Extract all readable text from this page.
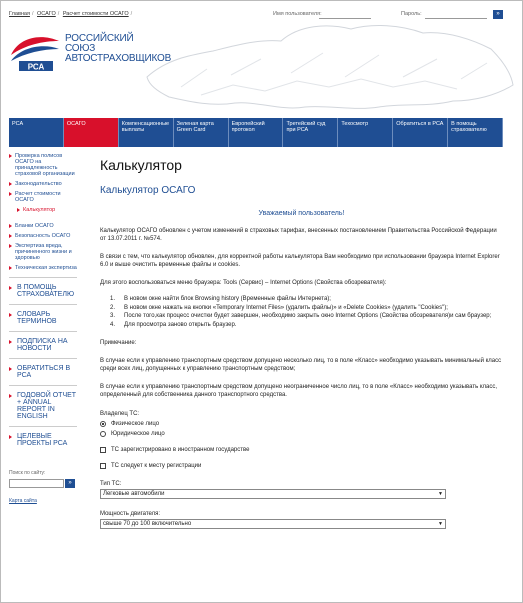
Главная / ОСАГО / Расчет стоимости ОСАГО /	Имя пользователя:	Пароль:	»
РСА
РОССИЙСКИЙ
СОЮЗ
АВТОСТРАХОВЩИКОВ
РСА	ОСАГО	Компенсационные выплаты
Зеленая карта Green Card
Европейский протокол
Третейский суд при РСА
Техосмотр	Обратиться в РСА	В помощь страхователю
Проверка полисов ОСАГО на принадлежность страховой организации
Законодательство
Расчет стоимости ОСАГО
Калькулятор
Бланки ОСАГО
Безопасность ОСАГО
Экспертиза вреда, причиненного жизни и здоровью
Техническая экспертиза
В ПОМОЩЬ СТРАХОВАТЕЛЮ
СЛОВАРЬ ТЕРМИНОВ
ПОДПИСКА НА НОВОСТИ
ОБРАТИТЬСЯ В РСА
ГОДОВОЙ ОТЧЕТ + ANNUAL REPORT IN ENGLISH
ЦЕЛЕВЫЕ ПРОЕКТЫ РСА
Поиск по сайту:
»
Карта сайта
Калькулятор
Калькулятор ОСАГО
Уважаемый пользователь!
Калькулятор ОСАГО обновлен с учетом изменений в страховых тарифах, внесенных постановлением Правительства Российской Федерации от 13.07.2011 г. №574.
В связи с тем, что калькулятор обновлен, для корректной работы калькулятора Вам необходимо при использовании браузера Internet Explorer 6.0 и выше очистить временные файлы и cookies.
Для этого воспользоваться меню браузера: Tools (Сервис) – Internet Options (Свойства обозревателя):
1.	В новом окне найти блок Browsing history (Временные файлы Интернета);
2.	В новом окне нажать на кнопки «Temporary Internet Files» (удалить файлы)» и «Delete Cookies» (удалить "Cookies");
3.	После того,как процесс очистки будет завершен, необходимо закрыть окно Internet Options (Свойства обозревателя)и сам браузер;
4.	Для просмотра заново открыть браузер.
Примечание:
В случае если к управлению транспортным средством допущено несколько лиц, то в поле «Класс» необходимо указывать минимальный класс среди всех лиц, допущенных к управлению транспортным средством;
В случае если к управлению транспортным средством допущено неограниченное число лиц, то в поле «Класс» необходимо указывать класс, определенный для собственника данного транспортного средства.
Владелец ТС:
Физическое лицо
Юридическое лицо
ТС зарегистрировано в иностранном государстве
ТС следует к месту регистрации
Тип ТС:
Легковые автомобили ▼
Мощность двигателя:
свыше 70 до 100 включительно ▼
